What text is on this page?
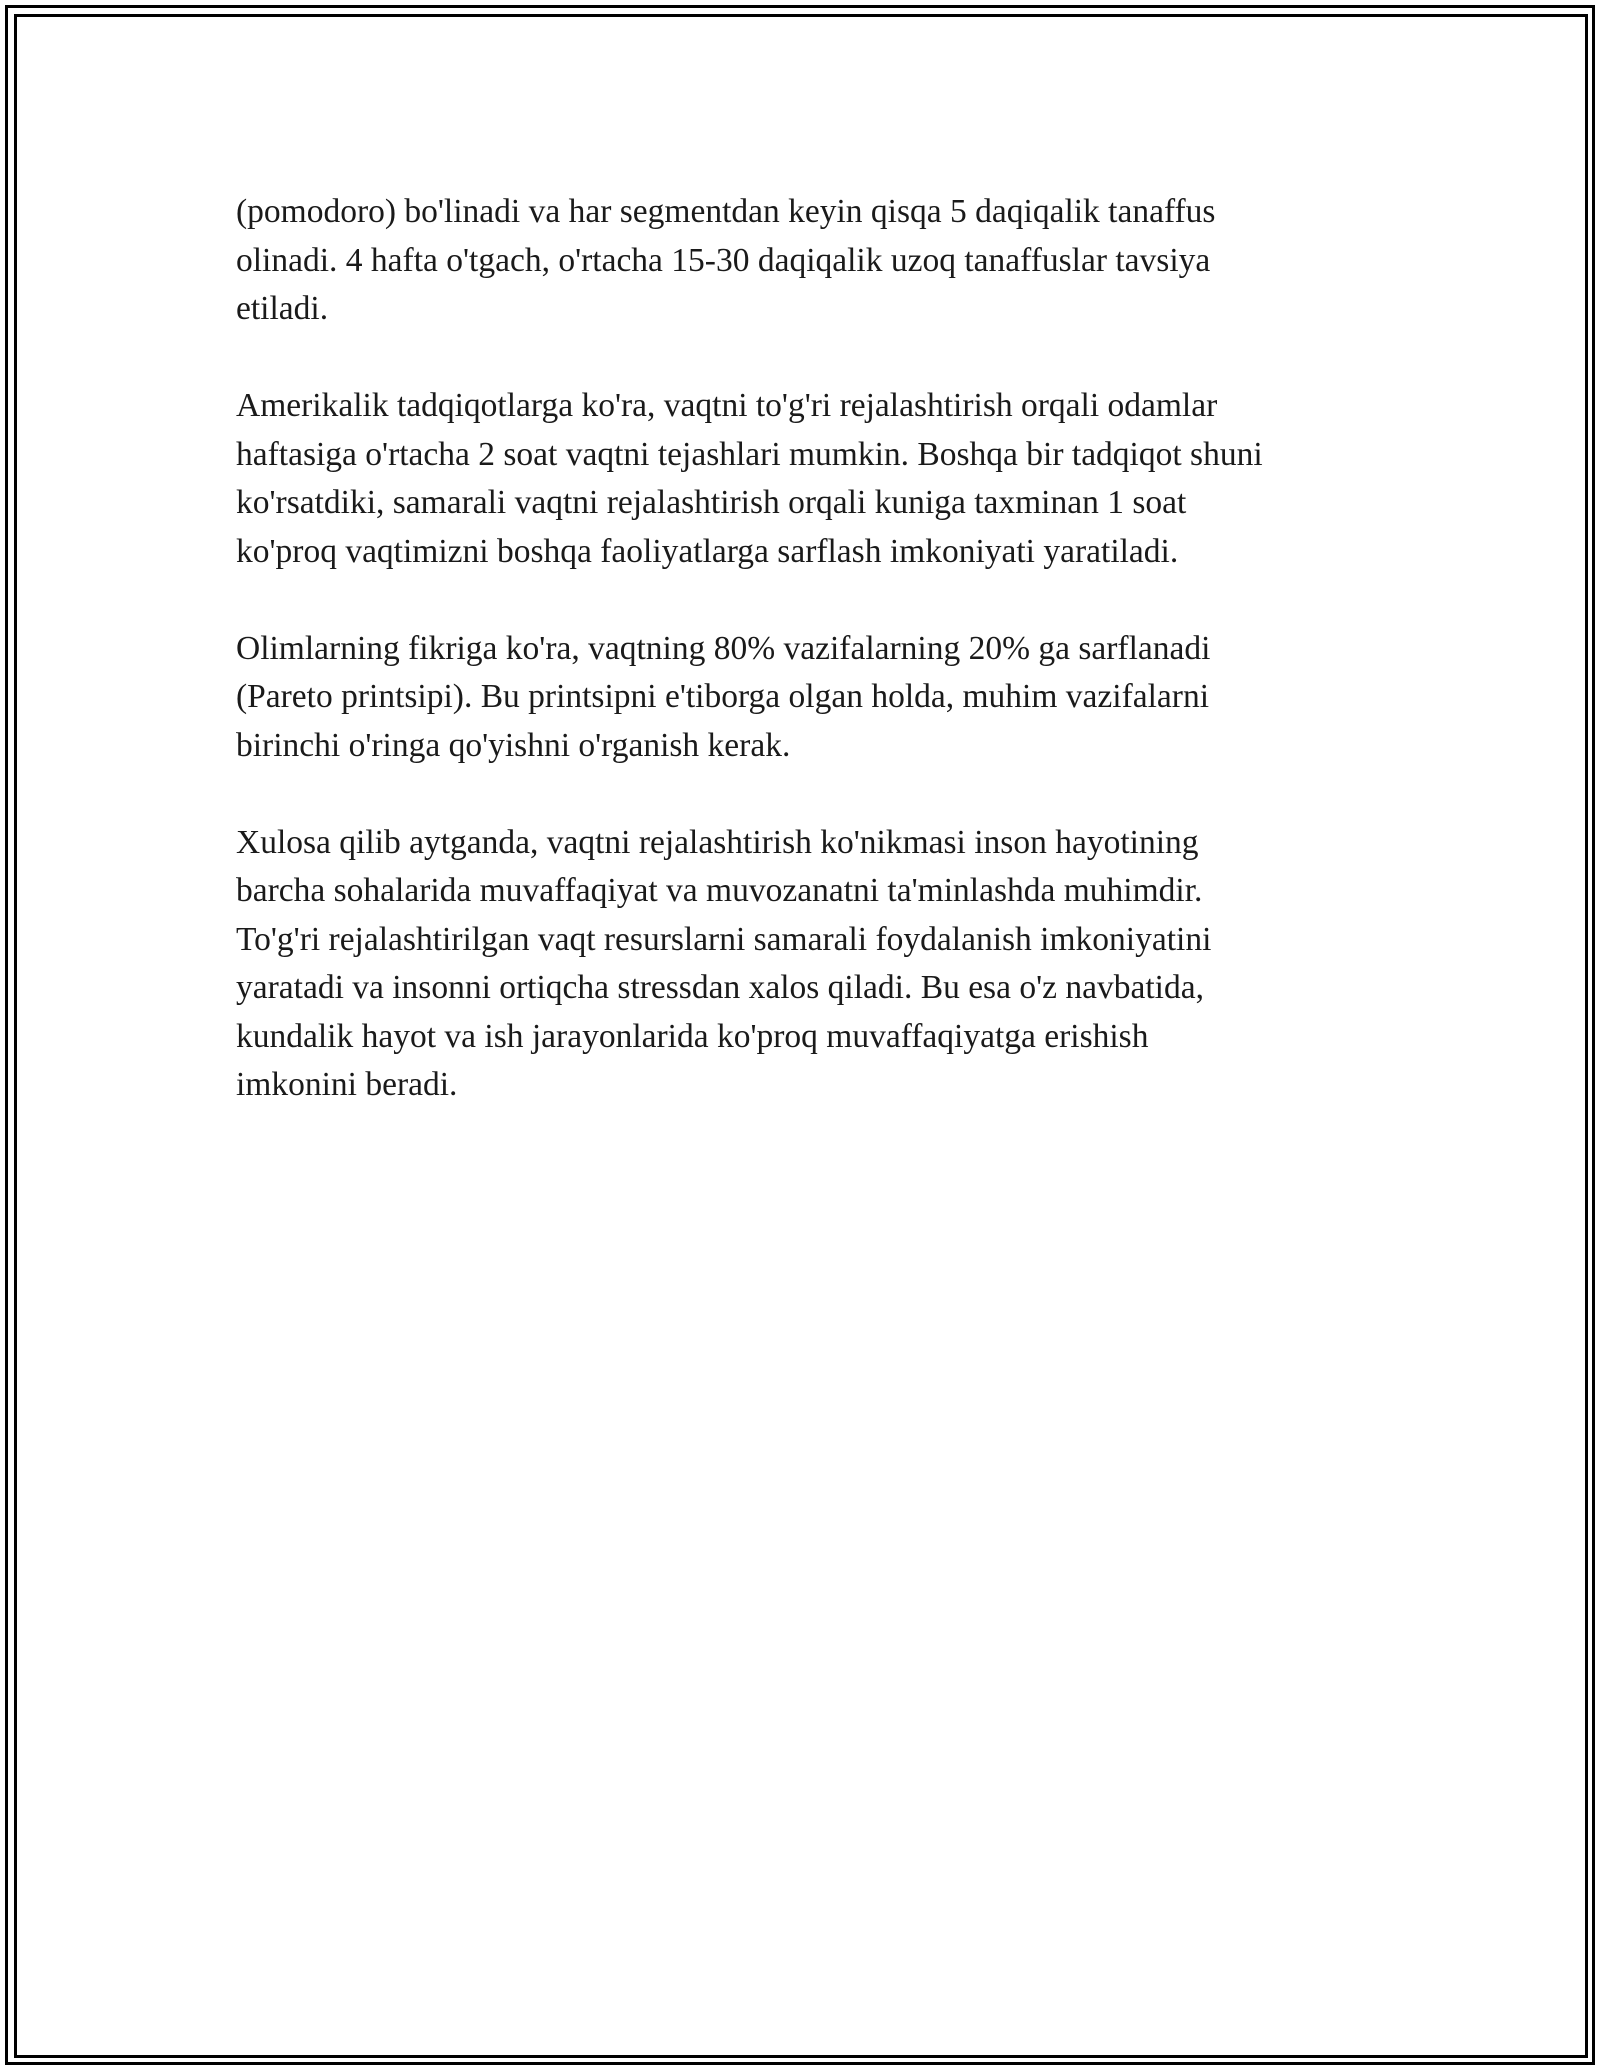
(pomodoro) bo'linadi va har segmentdan keyin qisqa 5 daqiqalik tanaffus
olinadi. 4 hafta o'tgach, o'rtacha 15-30 daqiqalik uzoq tanaffuslar tavsiya
etiladi.

Amerikalik tadqiqotlarga ko'ra, vaqtni to'g'ri rejalashtirish orqali odamlar
haftasiga o'rtacha 2 soat vaqtni tejashlari mumkin. Boshqa bir tadqiqot shuni
ko'rsatdiki, samarali vaqtni rejalashtirish orqali kuniga taxminan 1 soat
ko'proq vaqtimizni boshqa faoliyatlarga sarflash imkoniyati yaratiladi.

Olimlarning fikriga ko'ra, vaqtning 80% vazifalarning 20% ga sarflanadi
(Pareto printsipi). Bu printsipni e'tiborga olgan holda, muhim vazifalarni
birinchi o'ringa qo'yishni o'rganish kerak.

Xulosa qilib aytganda, vaqtni rejalashtirish ko'nikmasi inson hayotining
barcha sohalarida muvaffaqiyat va muvozanatni ta'minlashda muhimdir.
To'g'ri rejalashtirilgan vaqt resurslarni samarali foydalanish imkoniyatini
yaratadi va insonni ortiqcha stressdan xalos qiladi. Bu esa o'z navbatida,
kundalik hayot va ish jarayonlarida ko'proq muvaffaqiyatga erishish
imkonini beradi.
